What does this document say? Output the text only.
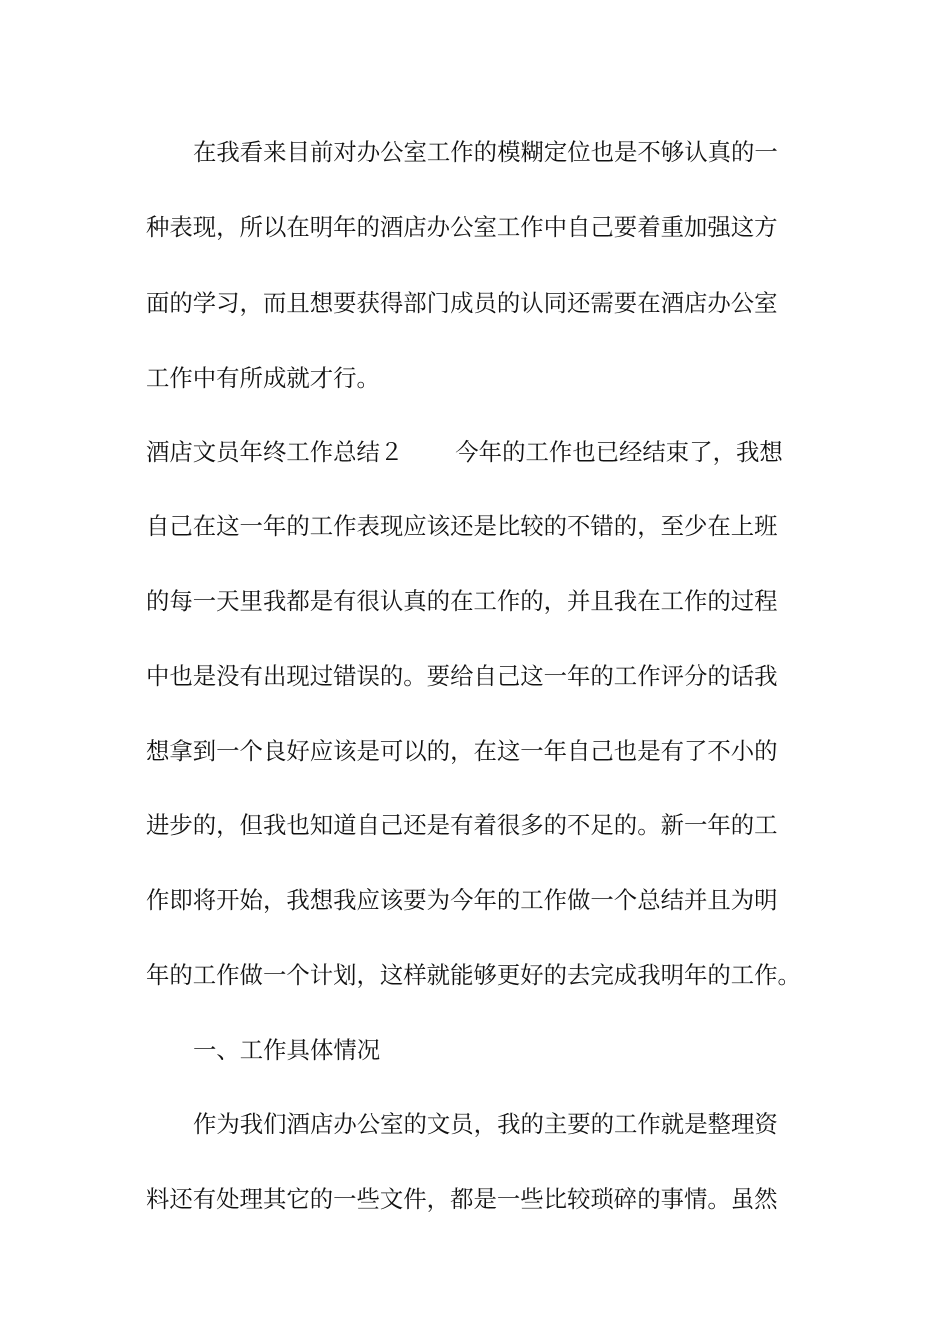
在我看来目前对办公室工作的模糊定位也是不够认真的一
种表现，所以在明年的酒店办公室工作中自己要着重加强这方
面的学习，而且想要获得部门成员的认同还需要在酒店办公室
工作中有所成就才行。
酒店文员年终工作总结２ 今年的工作也已经结束了，我想
自己在这一年的工作表现应该还是比较的不错的，至少在上班
的每一天里我都是有很认真的在工作的，并且我在工作的过程
中也是没有出现过错误的。要给自己这一年的工作评分的话我
想拿到一个良好应该是可以的，在这一年自己也是有了不小的
进步的，但我也知道自己还是有着很多的不足的。新一年的工
作即将开始，我想我应该要为今年的工作做一个总结并且为明
年的工作做一个计划，这样就能够更好的去完成我明年的工作。
一、工作具体情况
作为我们酒店办公室的文员，我的主要的工作就是整理资
料还有处理其它的一些文件，都是一些比较琐碎的事情。虽然
